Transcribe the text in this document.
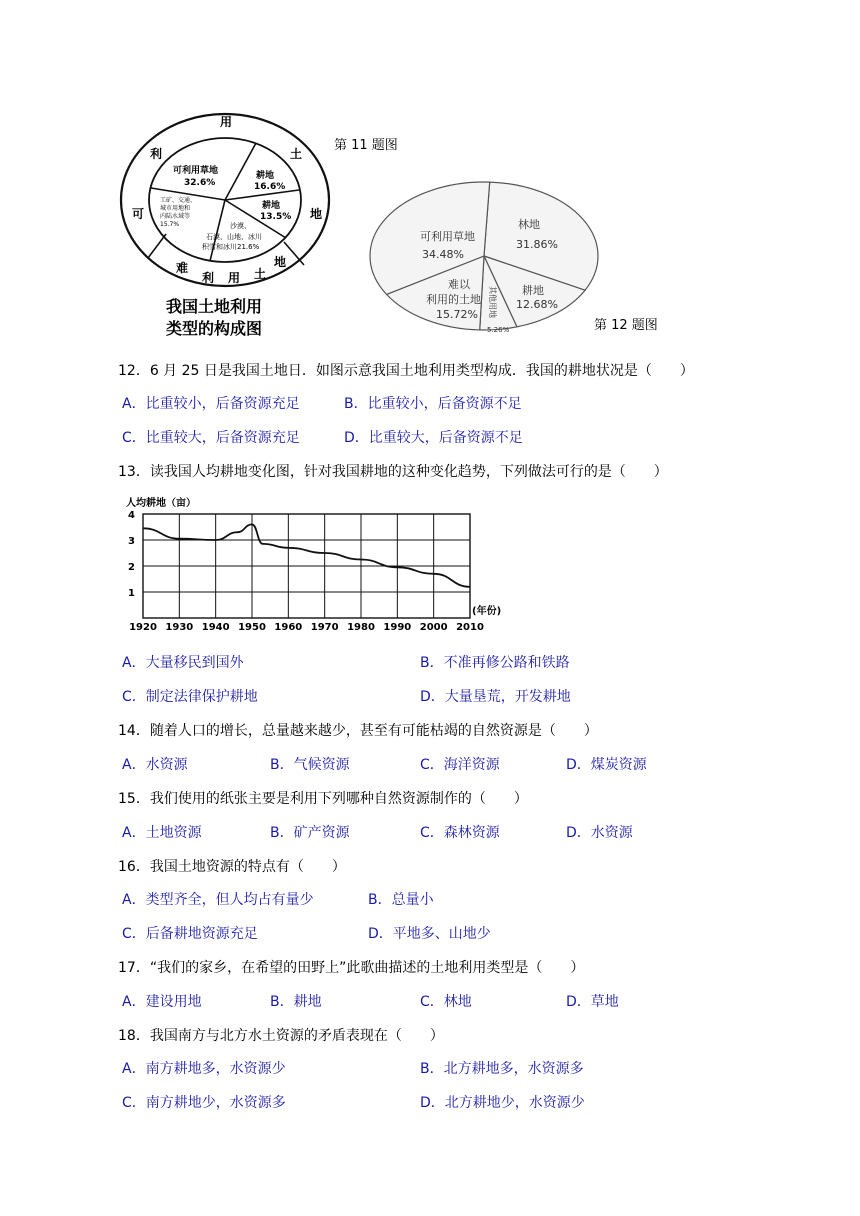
利
可
用
土
地
难
利 用 土
地
可利用草地
32.6%
耕地
16.6%
耕地
13.5%
沙漠、
石漠、山地、冰川
积雪和冰川21.6%
工矿、交通、
城市用地和
内陆水域等
15.7%
我国土地利用
类型的构成图
第 11 题图
可利用草地
34.48%
林地
31.86%
耕地
12.68%
难以
利用的土地
15.72% 其他用地
5.26%	第 12 题图
12．6 月 25 日是我国土地日．如图示意我国土地利用类型构成．我国的耕地状况是（　　）
A．比重较小，后备资源充足	B．比重较小，后备资源不足
C．比重较大，后备资源充足	D．比重较大，后备资源不足
13．读我国人均耕地变化图，针对我国耕地的这种变化趋势，下列做法可行的是（　　）
人均耕地（亩）
1920 1930 1940 1950 1960 1970 1980 1990 2000 2010
1
2
3
4
(年份)
A．大量移民到国外	B．不准再修公路和铁路
C．制定法律保护耕地	D．大量垦荒，开发耕地
14．随着人口的增长，总量越来越少，甚至有可能枯竭的自然资源是（　　）
A．水资源	B．气候资源	C．海洋资源	D．煤炭资源
15．我们使用的纸张主要是利用下列哪种自然资源制作的（　　）
A．土地资源	B．矿产资源	C．森林资源	D．水资源
16．我国土地资源的特点有（　　）
A．类型齐全，但人均占有量少	B．总量小
C．后备耕地资源充足	D．平地多、山地少
17．“我们的家乡，在希望的田野上”此歌曲描述的土地利用类型是（　　）
A．建设用地	B．耕地	C．林地	D．草地
18．我国南方与北方水土资源的矛盾表现在（　　）
A．南方耕地多，水资源少	B．北方耕地多，水资源多
C．南方耕地少，水资源多	D．北方耕地少，水资源少
